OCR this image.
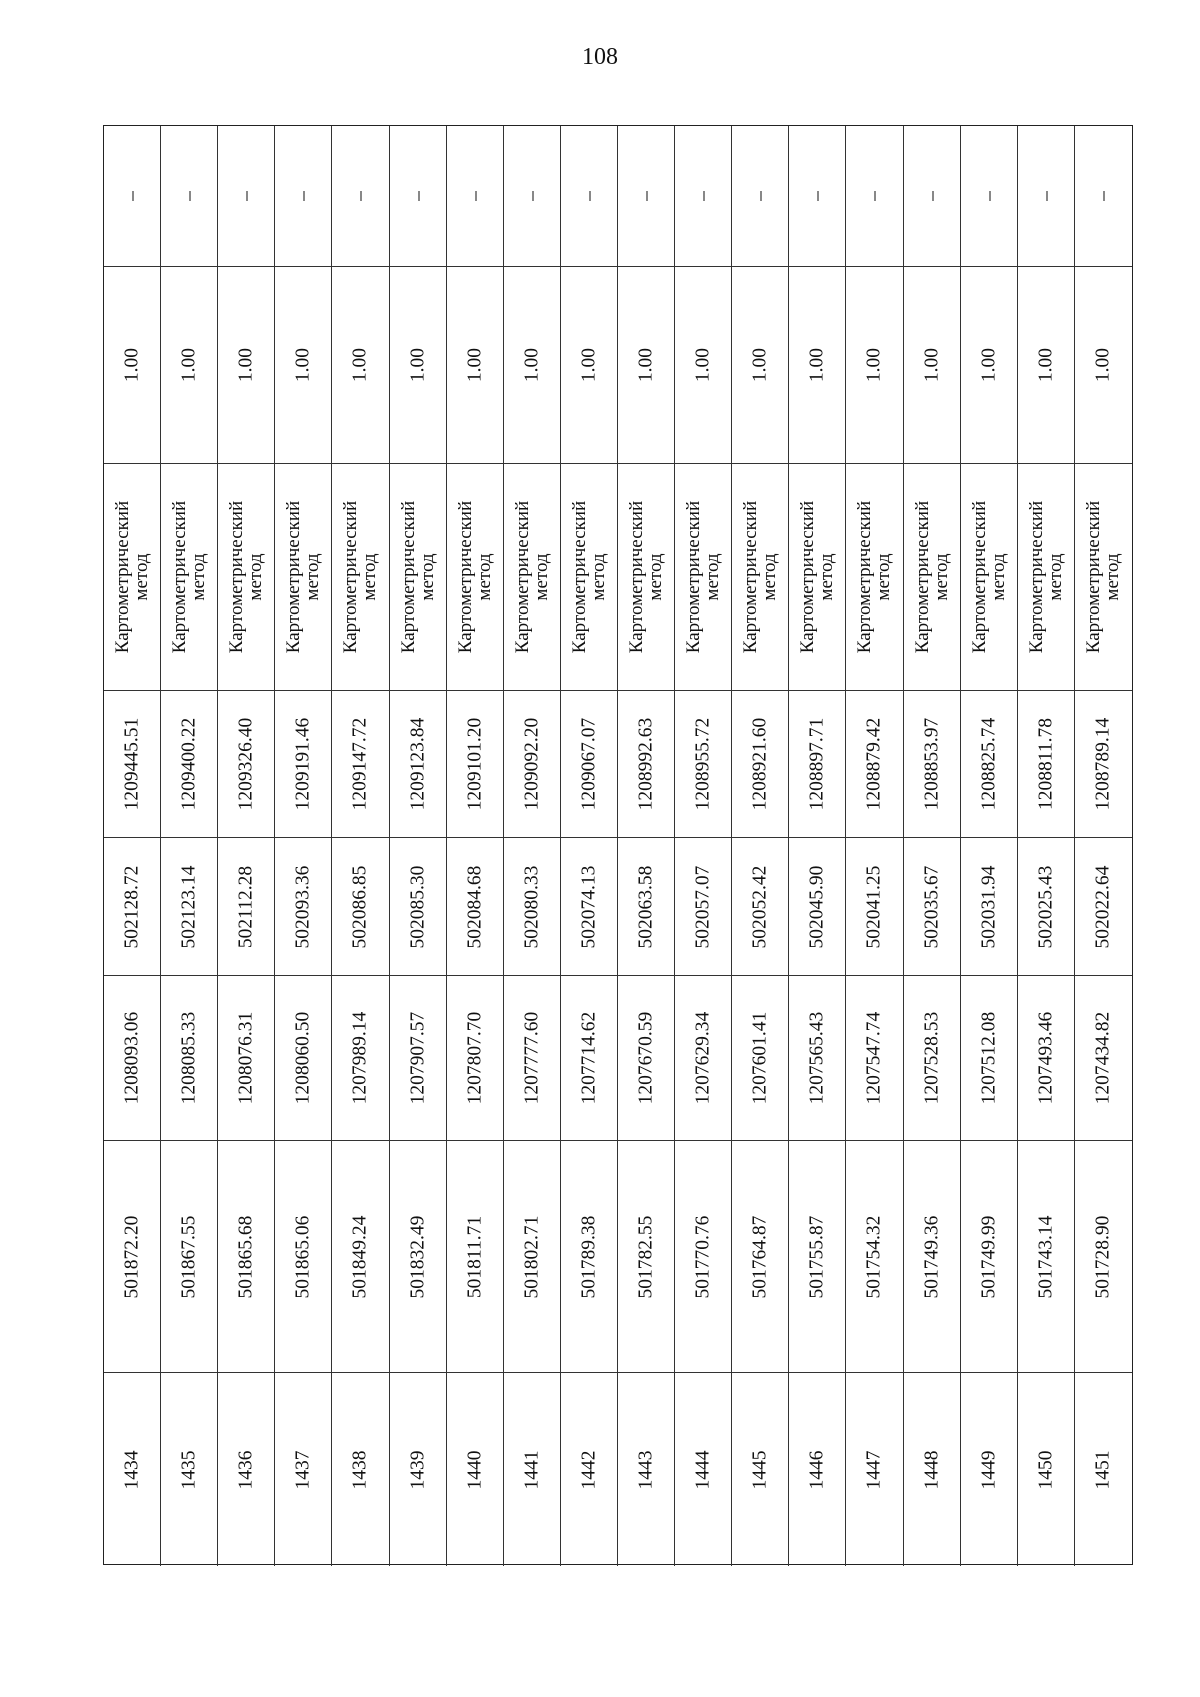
108
– – – – – – – – – – – – – – – – – –
1.00 1.00 1.00 1.00 1.00 1.00 1.00 1.00 1.00 1.00 1.00 1.00 1.00 1.00 1.00 1.00 1.00 1.00
Картометрический
метод Картометрический
метод Картометрический
метод Картометрический
метод Картометрический
метод Картометрический
метод Картометрический
метод Картометрический
метод Картометрический
метод Картометрический
метод Картометрический
метод Картометрический
метод Картометрический
метод Картометрический
метод Картометрический
метод Картометрический
метод Картометрический
метод Картометрический
метод
1209445.51 1209400.22 1209326.40 1209191.46 1209147.72 1209123.84 1209101.20 1209092.20 1209067.07 1208992.63 1208955.72 1208921.60 1208897.71 1208879.42 1208853.97 1208825.74 1208811.78 1208789.14
502128.72 502123.14 502112.28 502093.36 502086.85 502085.30 502084.68 502080.33 502074.13 502063.58 502057.07 502052.42 502045.90 502041.25 502035.67 502031.94 502025.43 502022.64
1208093.06 1208085.33 1208076.31 1208060.50 1207989.14 1207907.57 1207807.70 1207777.60 1207714.62 1207670.59 1207629.34 1207601.41 1207565.43 1207547.74 1207528.53 1207512.08 1207493.46 1207434.82
501872.20 501867.55 501865.68 501865.06 501849.24 501832.49 501811.71 501802.71 501789.38 501782.55 501770.76 501764.87 501755.87 501754.32 501749.36 501749.99 501743.14 501728.90
1434 1435 1436 1437 1438 1439 1440 1441 1442 1443 1444 1445 1446 1447 1448 1449 1450 1451
